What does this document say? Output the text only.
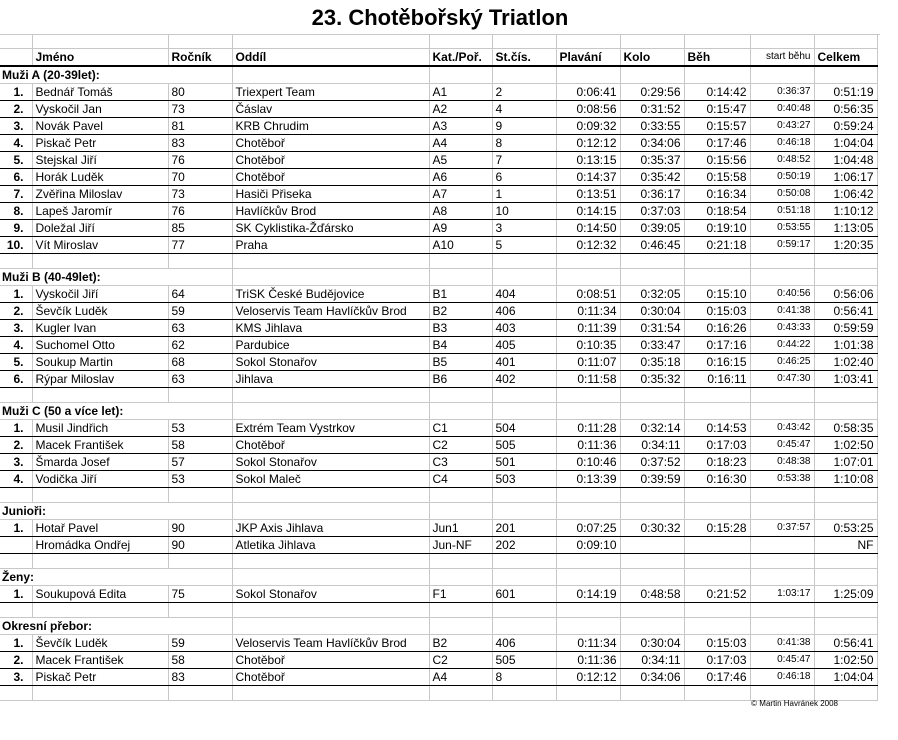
23. Chotěbořský Triatlon

	Jméno	Ročník	Oddíl	Kat./Poř.	St.čís.	Plavání	Kolo	Běh	start běhu	Celkem
Muži A (20-39let):										
1.	Bednář Tomáš	80	Triexpert Team	A1	2	0:06:41	0:29:56	0:14:42	0:36:37	0:51:19
2.	Vyskočil Jan	73	Čáslav	A2	4	0:08:56	0:31:52	0:15:47	0:40:48	0:56:35
3.	Novák Pavel	81	KRB Chrudim	A3	9	0:09:32	0:33:55	0:15:57	0:43:27	0:59:24
4.	Piskač Petr	83	Chotěboř	A4	8	0:12:12	0:34:06	0:17:46	0:46:18	1:04:04
5.	Stejskal Jiří	76	Chotěboř	A5	7	0:13:15	0:35:37	0:15:56	0:48:52	1:04:48
6.	Horák Luděk	70	Chotěboř	A6	6	0:14:37	0:35:42	0:15:58	0:50:19	1:06:17
7.	Zvěřina Miloslav	73	Hasiči Přiseka	A7	1	0:13:51	0:36:17	0:16:34	0:50:08	1:06:42
8.	Lapeš Jaromír	76	Havlíčkův Brod	A8	10	0:14:15	0:37:03	0:18:54	0:51:18	1:10:12
9.	Doležal Jiří	85	SK Cyklistika-Žďársko	A9	3	0:14:50	0:39:05	0:19:10	0:53:55	1:13:05
10.	Vít Miroslav	77	Praha	A10	5	0:12:32	0:46:45	0:21:18	0:59:17	1:20:35

Muži B (40-49let):										
1.	Vyskočil Jiří	64	TriSK České Budějovice	B1	404	0:08:51	0:32:05	0:15:10	0:40:56	0:56:06
2.	Ševčík Luděk	59	Veloservis Team Havlíčkův Brod	B2	406	0:11:34	0:30:04	0:15:03	0:41:38	0:56:41
3.	Kugler Ivan	63	KMS Jihlava	B3	403	0:11:39	0:31:54	0:16:26	0:43:33	0:59:59
4.	Suchomel Otto	62	Pardubice	B4	405	0:10:35	0:33:47	0:17:16	0:44:22	1:01:38
5.	Soukup Martin	68	Sokol Stonařov	B5	401	0:11:07	0:35:18	0:16:15	0:46:25	1:02:40
6.	Rýpar Miloslav	63	Jihlava	B6	402	0:11:58	0:35:32	0:16:11	0:47:30	1:03:41

Muži C (50 a více let):										
1.	Musil Jindřich	53	Extrém Team Vystrkov	C1	504	0:11:28	0:32:14	0:14:53	0:43:42	0:58:35
2.	Macek František	58	Chotěboř	C2	505	0:11:36	0:34:11	0:17:03	0:45:47	1:02:50
3.	Šmarda Josef	57	Sokol Stonařov	C3	501	0:10:46	0:37:52	0:18:23	0:48:38	1:07:01
4.	Vodička Jiří	53	Sokol Maleč	C4	503	0:13:39	0:39:59	0:16:30	0:53:38	1:10:08

Junioři:										
1.	Hotař Pavel	90	JKP Axis Jihlava	Jun1	201	0:07:25	0:30:32	0:15:28	0:37:57	0:53:25
	Hromádka Ondřej	90	Atletika Jihlava	Jun-NF	202	0:09:10				NF

Ženy:										
1.	Soukupová Edita	75	Sokol Stonařov	F1	601	0:14:19	0:48:58	0:21:52	1:03:17	1:25:09

Okresní přebor:										
1.	Ševčík Luděk	59	Veloservis Team Havlíčkův Brod	B2	406	0:11:34	0:30:04	0:15:03	0:41:38	0:56:41
2.	Macek František	58	Chotěboř	C2	505	0:11:36	0:34:11	0:17:03	0:45:47	1:02:50
3.	Piskač Petr	83	Chotěboř	A4	8	0:12:12	0:34:06	0:17:46	0:46:18	1:04:04

© Martin Havránek 2008
